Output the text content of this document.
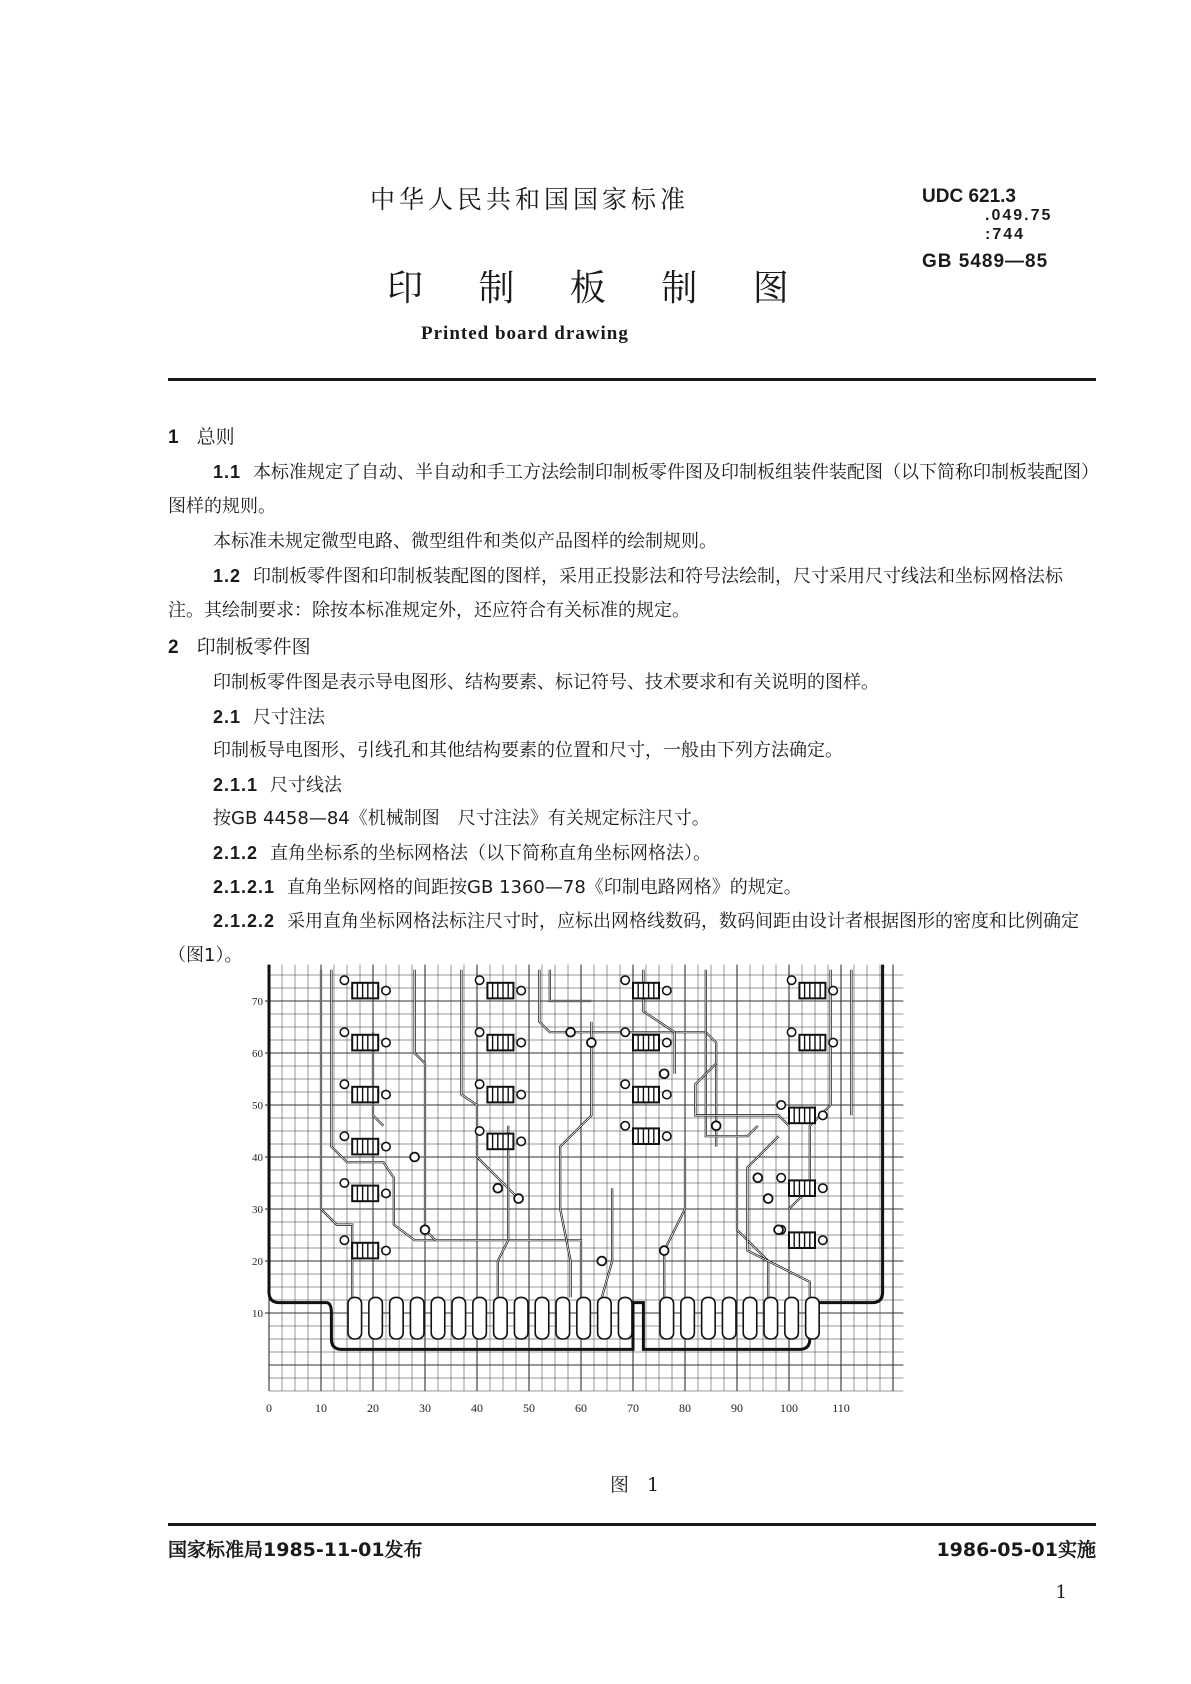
中华人民共和国国家标准	UDC 621.3
.049.75
:744
GB 5489—85
印 制 板 制 图
Printed board drawing
1 总则
1.1 本标准规定了自动、半自动和手工方法绘制印制板零件图及印制板组装件装配图（以下简称印制板装配图）图样的规则。
本标准未规定微型电路、微型组件和类似产品图样的绘制规则。
1.2 印制板零件图和印制板装配图的图样，采用正投影法和符号法绘制，尺寸采用尺寸线法和坐标网格法标注。其绘制要求：除按本标准规定外，还应符合有关标准的规定。
2 印制板零件图
印制板零件图是表示导电图形、结构要素、标记符号、技术要求和有关说明的图样。
2.1 尺寸注法
印制板导电图形、引线孔和其他结构要素的位置和尺寸，一般由下列方法确定。
2.1.1 尺寸线法
按GB 4458—84《机械制图　尺寸注法》有关规定标注尺寸。
2.1.2 直角坐标系的坐标网格法（以下简称直角坐标网格法）。
2.1.2.1 直角坐标网格的间距按GB 1360—78《印制电路网格》的规定。
2.1.2.2 采用直角坐标网格法标注尺寸时，应标出网格线数码，数码间距由设计者根据图形的密度和比例确定（图1）。
0	10	20	30	40	50	60	70	80	90	100	110
10
20
30
40
50
60
70
图 1
国家标准局1985-11-01发布	1986-05-01实施
1
